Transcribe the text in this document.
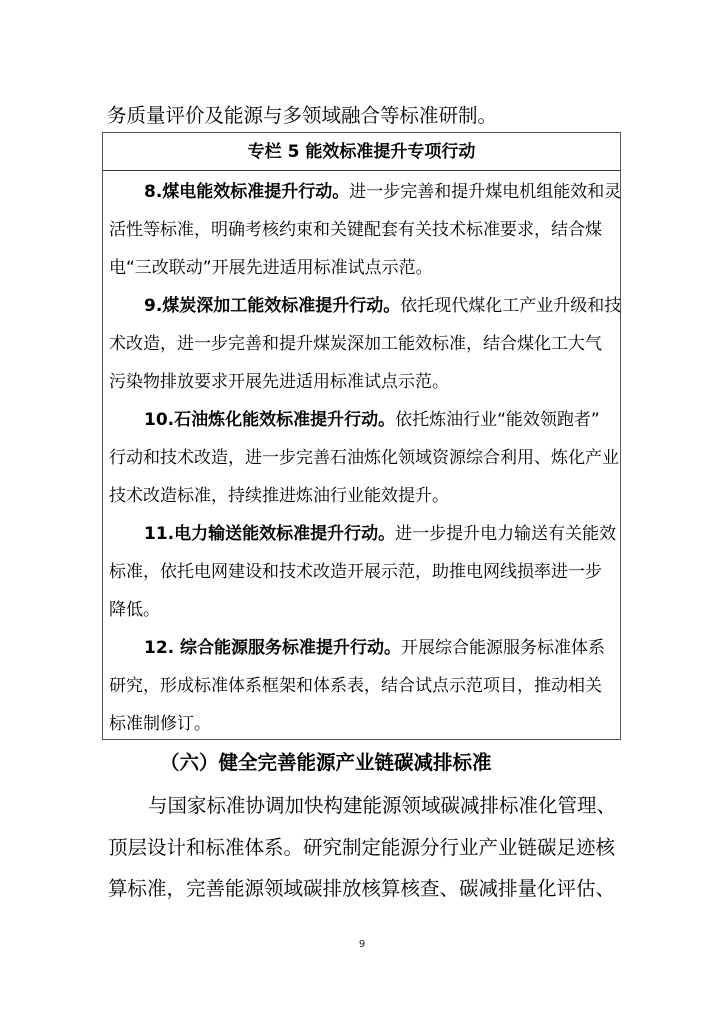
务质量评价及能源与多领域融合等标准研制。
专栏 5 能效标准提升专项行动
8.煤电能效标准提升行动。进一步完善和提升煤电机组能效和灵
活性等标准，明确考核约束和关键配套有关技术标准要求，结合煤
电“三改联动”开展先进适用标准试点示范。
9.煤炭深加工能效标准提升行动。依托现代煤化工产业升级和技
术改造，进一步完善和提升煤炭深加工能效标准，结合煤化工大气
污染物排放要求开展先进适用标准试点示范。
10.石油炼化能效标准提升行动。依托炼油行业“能效领跑者”
行动和技术改造，进一步完善石油炼化领域资源综合利用、炼化产业
技术改造标准，持续推进炼油行业能效提升。
11.电力输送能效标准提升行动。进一步提升电力输送有关能效
标准，依托电网建设和技术改造开展示范，助推电网线损率进一步
降低。
12. 综合能源服务标准提升行动。开展综合能源服务标准体系
研究，形成标准体系框架和体系表，结合试点示范项目，推动相关
标准制修订。
（六）健全完善能源产业链碳减排标准
与国家标准协调加快构建能源领域碳减排标准化管理、
顶层设计和标准体系。研究制定能源分行业产业链碳足迹核
算标准，完善能源领域碳排放核算核查、碳减排量化评估、
9
